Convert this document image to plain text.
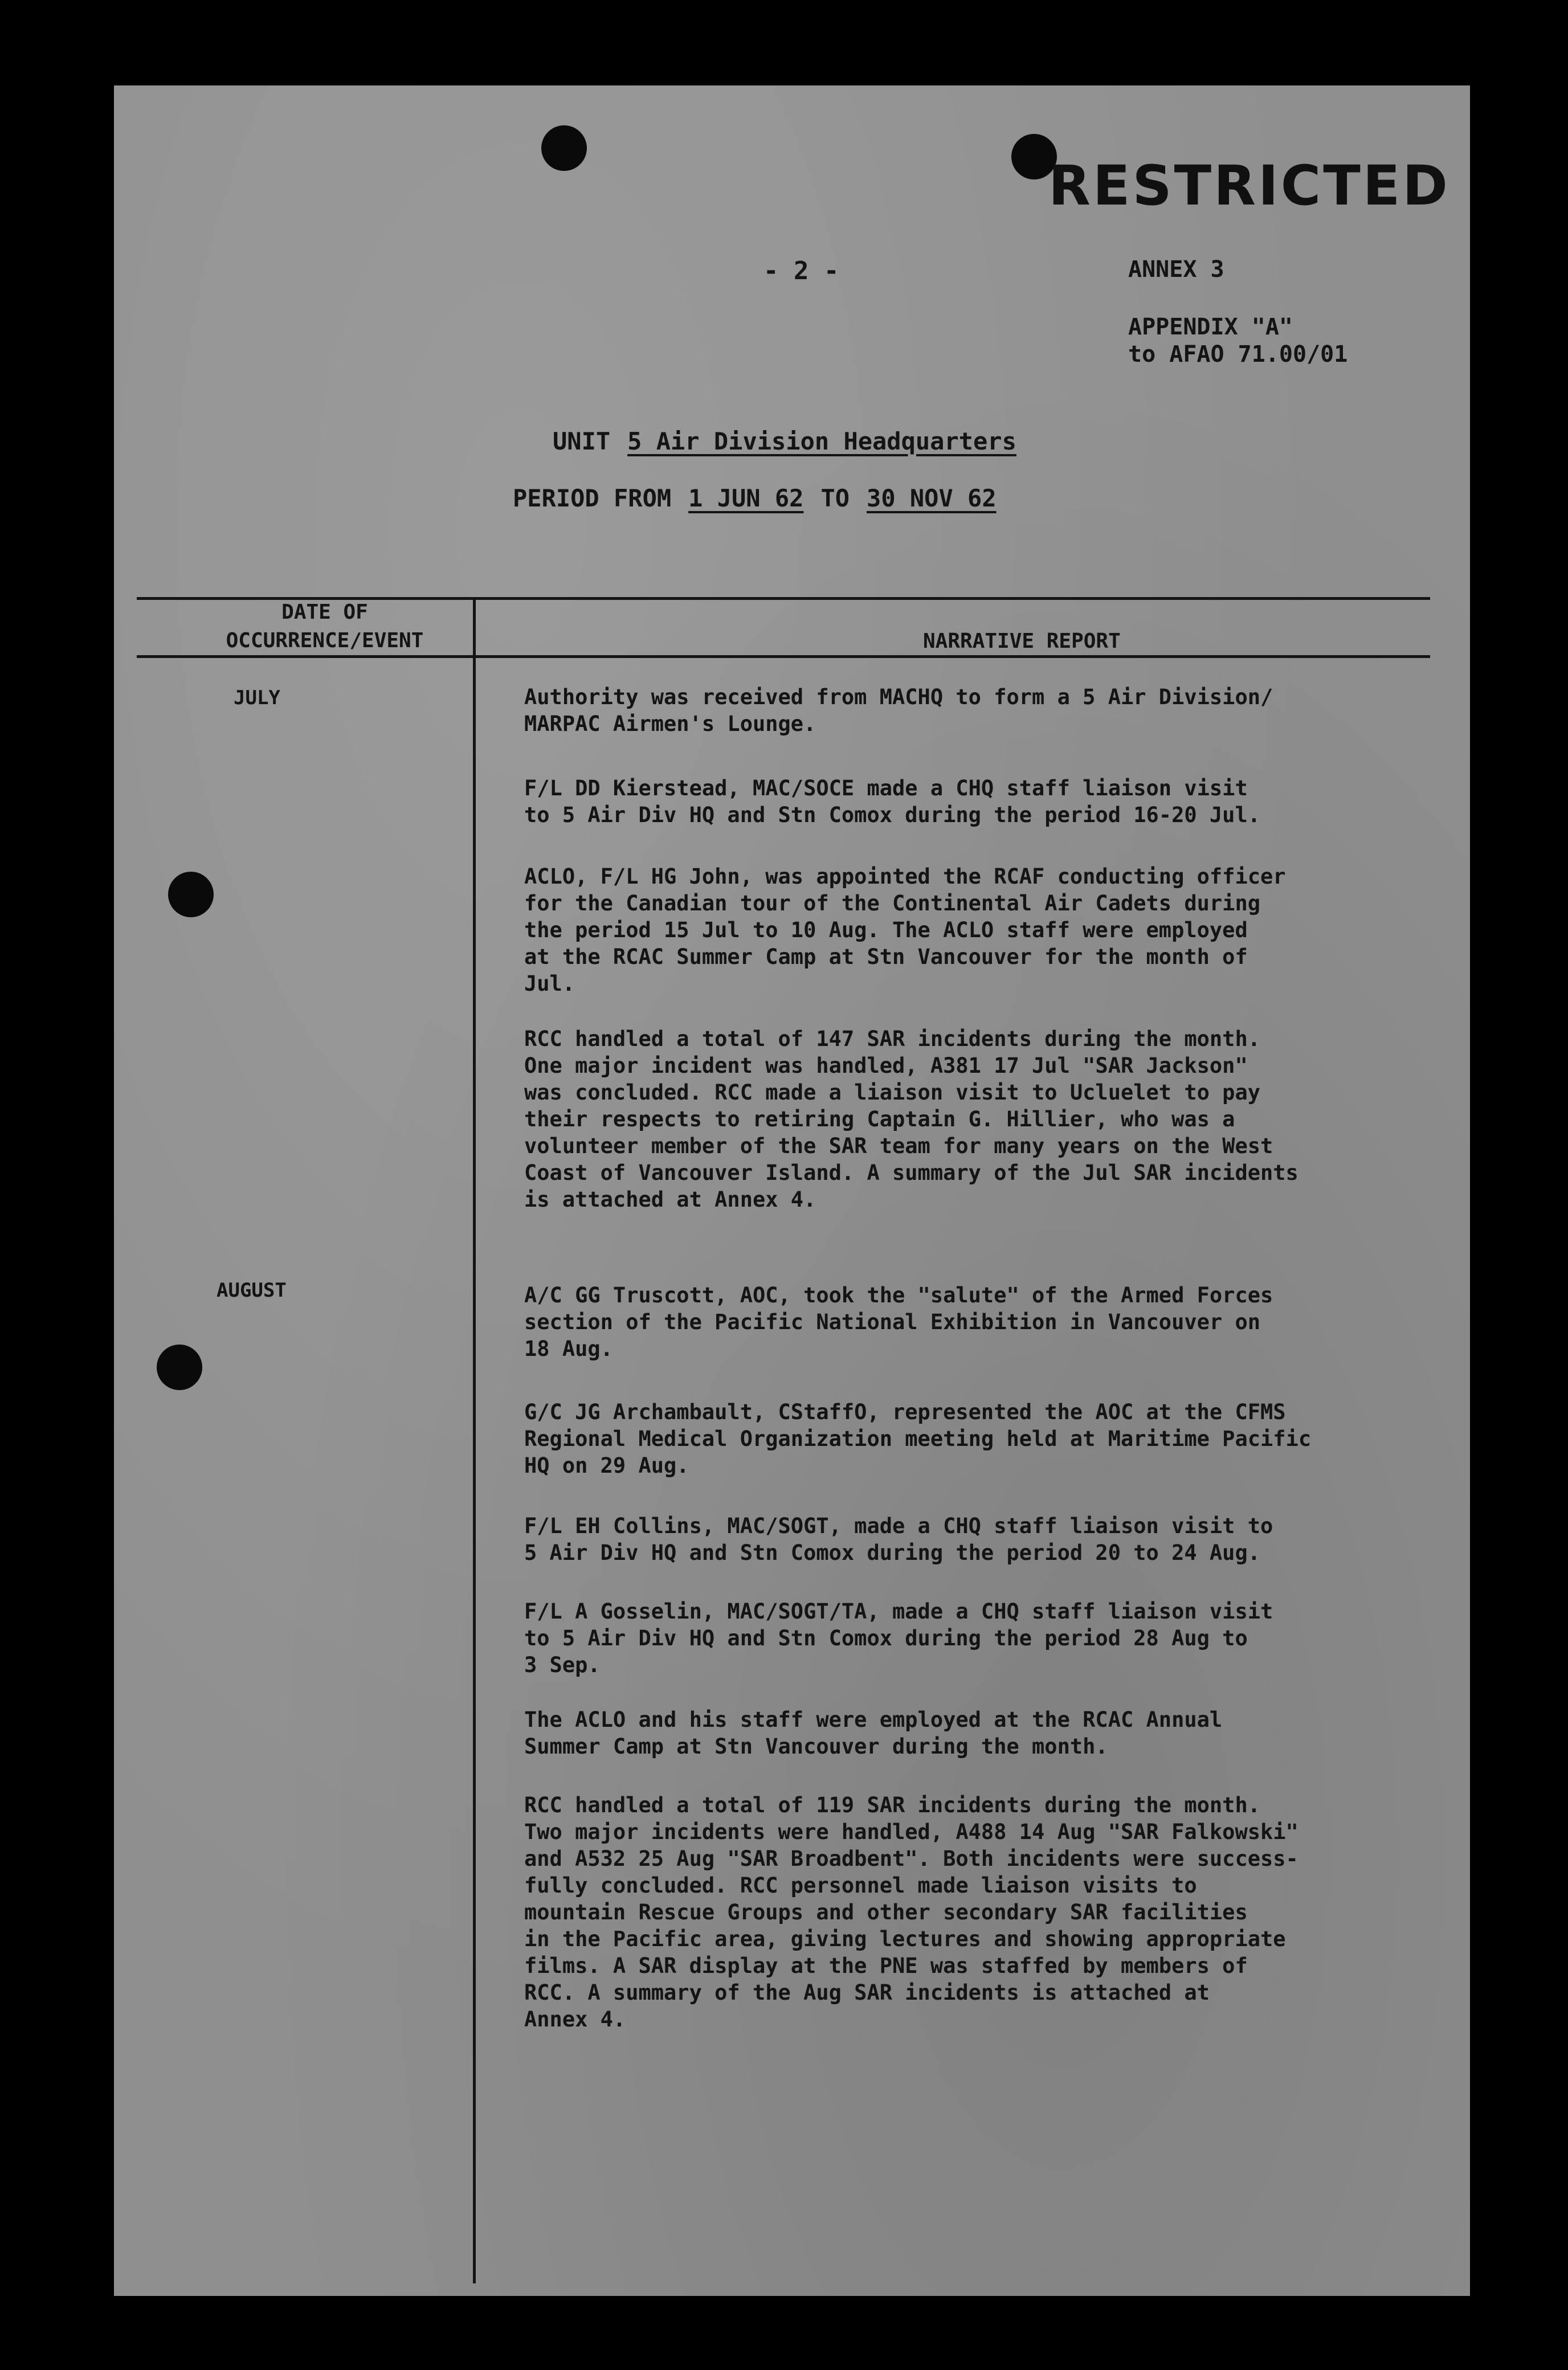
RESTRICTED
- 2 -	ANNEX 3
APPENDIX "A"
to AFAO 71.00/01
UNIT 5 Air Division Headquarters
PERIOD FROM 1 JUN 62 TO 30 NOV 62
DATE OF
OCCURRENCE/EVENT	NARRATIVE REPORT
JULY
AUGUST

Authority was received from MACHQ to form a 5 Air Division/
MARPAC Airmen's Lounge.

F/L DD Kierstead, MAC/SOCE made a CHQ staff liaison visit
to 5 Air Div HQ and Stn Comox during the period 16-20 Jul.

ACLO, F/L HG John, was appointed the RCAF conducting officer
for the Canadian tour of the Continental Air Cadets during
the period 15 Jul to 10 Aug. The ACLO staff were employed
at the RCAC Summer Camp at Stn Vancouver for the month of
Jul.

RCC handled a total of 147 SAR incidents during the month.
One major incident was handled, A381 17 Jul "SAR Jackson"
was concluded. RCC made a liaison visit to Ucluelet to pay
their respects to retiring Captain G. Hillier, who was a
volunteer member of the SAR team for many years on the West
Coast of Vancouver Island. A summary of the Jul SAR incidents
is attached at Annex 4.

A/C GG Truscott, AOC, took the "salute" of the Armed Forces
section of the Pacific National Exhibition in Vancouver on
18 Aug.

G/C JG Archambault, CStaffO, represented the AOC at the CFMS
Regional Medical Organization meeting held at Maritime Pacific
HQ on 29 Aug.

F/L EH Collins, MAC/SOGT, made a CHQ staff liaison visit to
5 Air Div HQ and Stn Comox during the period 20 to 24 Aug.

F/L A Gosselin, MAC/SOGT/TA, made a CHQ staff liaison visit
to 5 Air Div HQ and Stn Comox during the period 28 Aug to
3 Sep.

The ACLO and his staff were employed at the RCAC Annual
Summer Camp at Stn Vancouver during the month.

RCC handled a total of 119 SAR incidents during the month.
Two major incidents were handled, A488 14 Aug "SAR Falkowski"
and A532 25 Aug "SAR Broadbent". Both incidents were success-
fully concluded. RCC personnel made liaison visits to
mountain Rescue Groups and other secondary SAR facilities
in the Pacific area, giving lectures and showing appropriate
films. A SAR display at the PNE was staffed by members of
RCC. A summary of the Aug SAR incidents is attached at
Annex 4.
